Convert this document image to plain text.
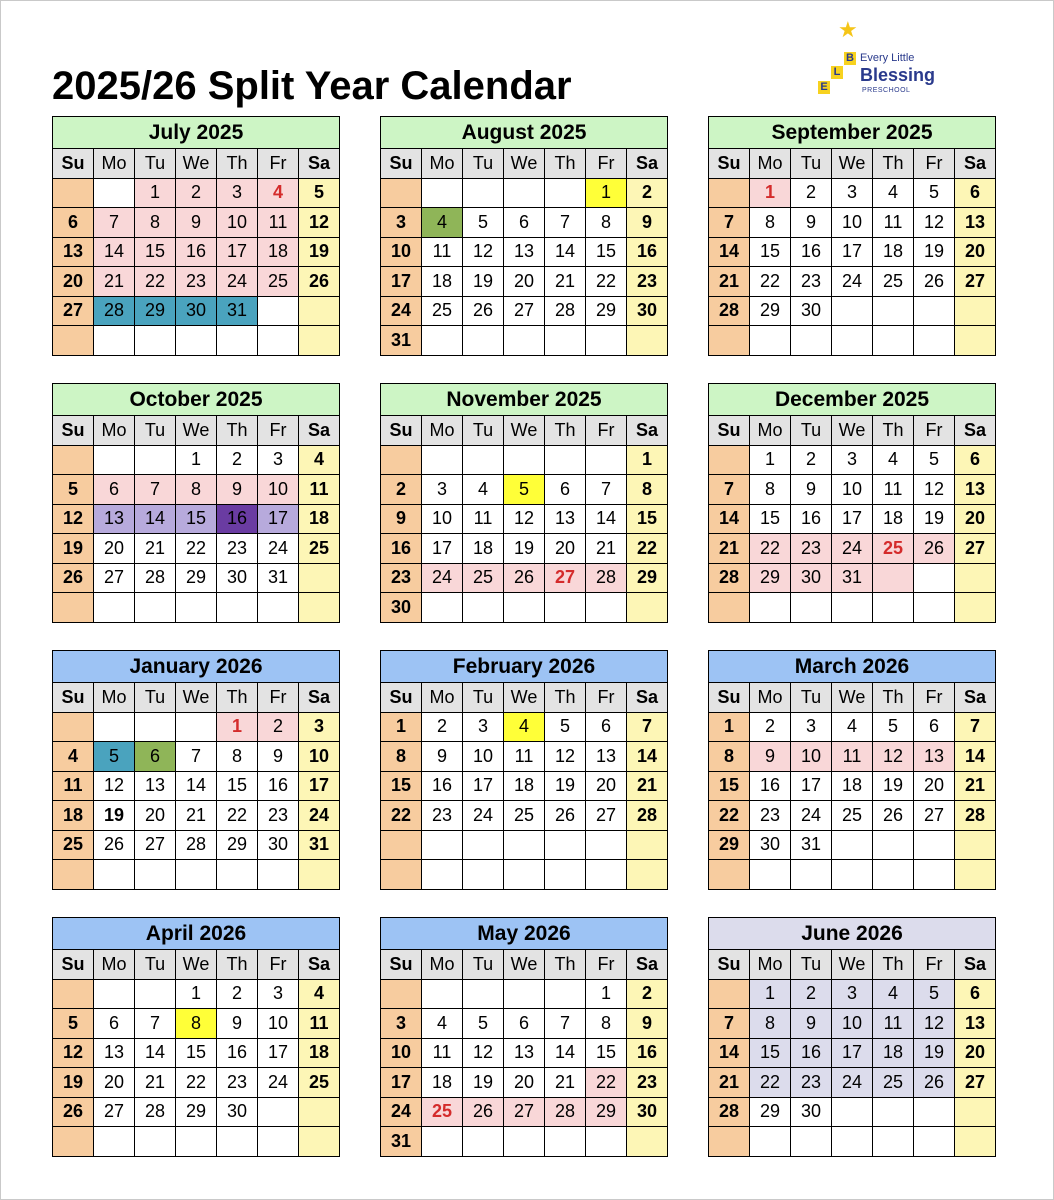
2025/26 Split Year Calendar
★
B
L
E
Every Little
Blessing
PRESCHOOL
July 2025						
Su	Mo	Tu	We	Th	Fr	Sa
		1	2	3	4	5
6	7	8	9	10	11	12
13	14	15	16	17	18	19
20	21	22	23	24	25	26
27	28	29	30	31		

August 2025						
Su	Mo	Tu	We	Th	Fr	Sa
					1	2
3	4	5	6	7	8	9
10	11	12	13	14	15	16
17	18	19	20	21	22	23
24	25	26	27	28	29	30
31						
September 2025						
Su	Mo	Tu	We	Th	Fr	Sa
	1	2	3	4	5	6
7	8	9	10	11	12	13
14	15	16	17	18	19	20
21	22	23	24	25	26	27
28	29	30				

October 2025						
Su	Mo	Tu	We	Th	Fr	Sa
			1	2	3	4
5	6	7	8	9	10	11
12	13	14	15	16	17	18
19	20	21	22	23	24	25
26	27	28	29	30	31	

November 2025						
Su	Mo	Tu	We	Th	Fr	Sa
						1
2	3	4	5	6	7	8
9	10	11	12	13	14	15
16	17	18	19	20	21	22
23	24	25	26	27	28	29
30						
December 2025						
Su	Mo	Tu	We	Th	Fr	Sa
	1	2	3	4	5	6
7	8	9	10	11	12	13
14	15	16	17	18	19	20
21	22	23	24	25	26	27
28	29	30	31			

January 2026						
Su	Mo	Tu	We	Th	Fr	Sa
				1	2	3
4	5	6	7	8	9	10
11	12	13	14	15	16	17
18	19	20	21	22	23	24
25	26	27	28	29	30	31

February 2026						
Su	Mo	Tu	We	Th	Fr	Sa
1	2	3	4	5	6	7
8	9	10	11	12	13	14
15	16	17	18	19	20	21
22	23	24	25	26	27	28

March 2026						
Su	Mo	Tu	We	Th	Fr	Sa
1	2	3	4	5	6	7
8	9	10	11	12	13	14
15	16	17	18	19	20	21
22	23	24	25	26	27	28
29	30	31				

April 2026						
Su	Mo	Tu	We	Th	Fr	Sa
			1	2	3	4
5	6	7	8	9	10	11
12	13	14	15	16	17	18
19	20	21	22	23	24	25
26	27	28	29	30		

May 2026						
Su	Mo	Tu	We	Th	Fr	Sa
					1	2
3	4	5	6	7	8	9
10	11	12	13	14	15	16
17	18	19	20	21	22	23
24	25	26	27	28	29	30
31						
June 2026						
Su	Mo	Tu	We	Th	Fr	Sa
	1	2	3	4	5	6
7	8	9	10	11	12	13
14	15	16	17	18	19	20
21	22	23	24	25	26	27
28	29	30				
